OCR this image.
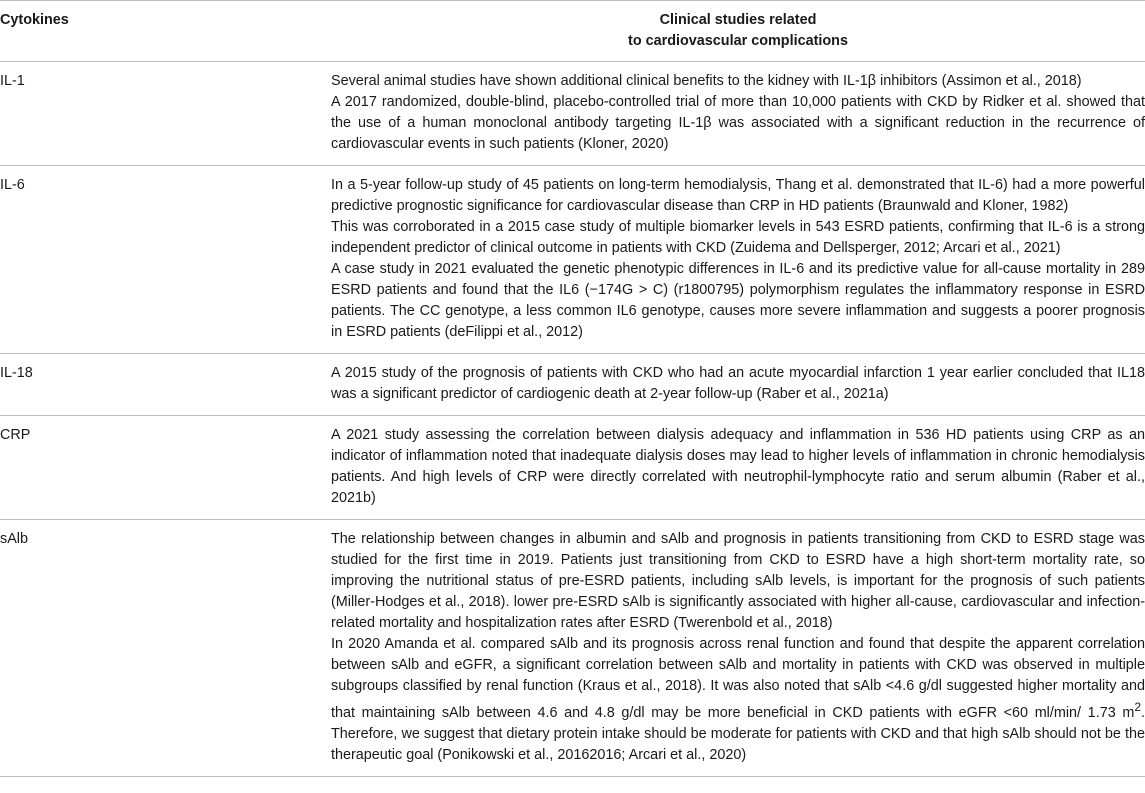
Cytokines	Clinical studies related
to cardiovascular complications

IL-1	Several animal studies have shown additional clinical benefits to the kidney with IL-1β inhibitors (Assimon et al., 2018)
A 2017 randomized, double-blind, placebo-controlled trial of more than 10,000 patients with CKD by Ridker et al. showed that the use of a human monoclonal antibody targeting IL-1β was associated with a significant reduction in the recurrence of cardiovascular events in such patients (Kloner, 2020)

IL-6	In a 5-year follow-up study of 45 patients on long-term hemodialysis, Thang et al. demonstrated that IL-6) had a more powerful predictive prognostic significance for cardiovascular disease than CRP in HD patients (Braunwald and Kloner, 1982)
This was corroborated in a 2015 case study of multiple biomarker levels in 543 ESRD patients, confirming that IL-6 is a strong independent predictor of clinical outcome in patients with CKD (Zuidema and Dellsperger, 2012; Arcari et al., 2021)
A case study in 2021 evaluated the genetic phenotypic differences in IL-6 and its predictive value for all-cause mortality in 289 ESRD patients and found that the IL6 (−174G > C) (r1800795) polymorphism regulates the inflammatory response in ESRD patients. The CC genotype, a less common IL6 genotype, causes more severe inflammation and suggests a poorer prognosis in ESRD patients (deFilippi et al., 2012)

IL-18	A 2015 study of the prognosis of patients with CKD who had an acute myocardial infarction 1 year earlier concluded that IL18 was a significant predictor of cardiogenic death at 2-year follow-up (Raber et al., 2021a)

CRP	A 2021 study assessing the correlation between dialysis adequacy and inflammation in 536 HD patients using CRP as an indicator of inflammation noted that inadequate dialysis doses may lead to higher levels of inflammation in chronic hemodialysis patients. And high levels of CRP were directly correlated with neutrophil-lymphocyte ratio and serum albumin (Raber et al., 2021b)

sAlb	The relationship between changes in albumin and sAlb and prognosis in patients transitioning from CKD to ESRD stage was studied for the first time in 2019. Patients just transitioning from CKD to ESRD have a high short-term mortality rate, so improving the nutritional status of pre-ESRD patients, including sAlb levels, is important for the prognosis of such patients (Miller-Hodges et al., 2018). lower pre-ESRD sAlb is significantly associated with higher all-cause, cardiovascular and infection-related mortality and hospitalization rates after ESRD (Twerenbold et al., 2018)
In 2020 Amanda et al. compared sAlb and its prognosis across renal function and found that despite the apparent correlation between sAlb and eGFR, a significant correlation between sAlb and mortality in patients with CKD was observed in multiple subgroups classified by renal function (Kraus et al., 2018). It was also noted that sAlb <4.6 g/dl suggested higher mortality and that maintaining sAlb between 4.6 and 4.8 g/dl may be more beneficial in CKD patients with eGFR <60 ml/min/ 1.73 $m^2$. Therefore, we suggest that dietary protein intake should be moderate for patients with CKD and that high sAlb should not be the therapeutic goal (Ponikowski et al., 20162016; Arcari et al., 2020)
